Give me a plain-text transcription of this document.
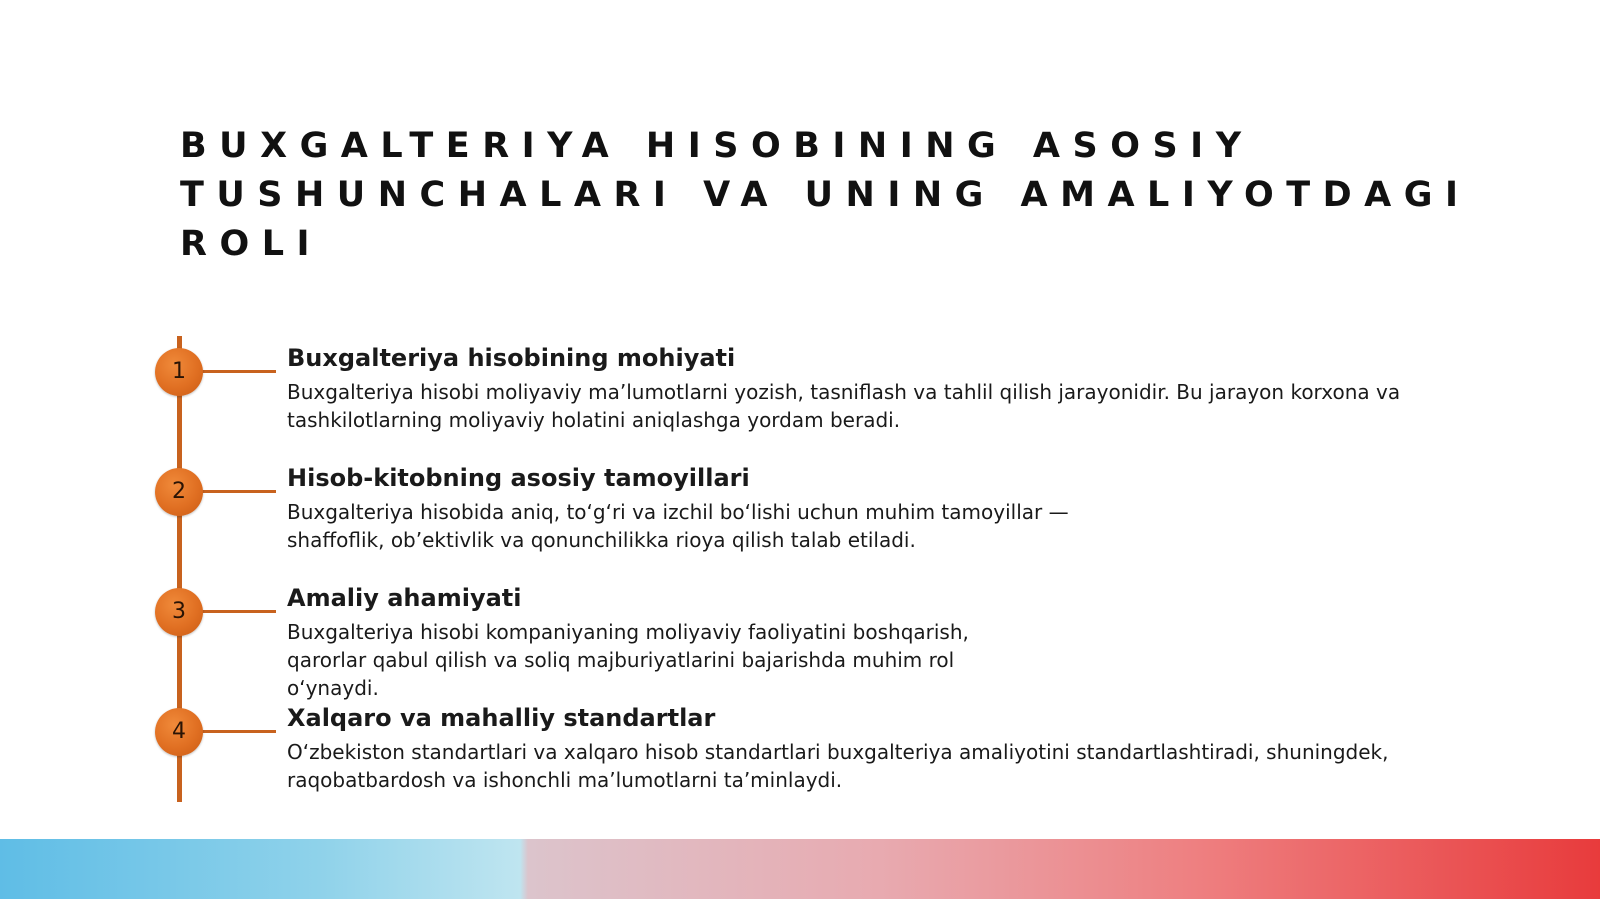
BUXGALTERIYA HISOBINING ASOSIY TUSHUNCHALARI VA UNING AMALIYOTDAGI ROLI
1	Buxgalteriya hisobining mohiyati

Buxgalteriya hisobi moliyaviy ma’lumotlarni yozish, tasniflash va tahlil qilish jarayonidir. Bu jarayon korxona va tashkilotlarning moliyaviy holatini aniqlashga yordam beradi.

2	Hisob-kitobning asosiy tamoyillari

Buxgalteriya hisobida aniq, to‘g‘ri va izchil bo‘lishi uchun muhim tamoyillar — shaffoflik, ob’ektivlik va qonunchilikka rioya qilish talab etiladi.

3	Amaliy ahamiyati

Buxgalteriya hisobi kompaniyaning moliyaviy faoliyatini boshqarish, qarorlar qabul qilish va soliq majburiyatlarini bajarishda muhim rol o‘ynaydi.

4	Xalqaro va mahalliy standartlar

O‘zbekiston standartlari va xalqaro hisob standartlari buxgalteriya amaliyotini standartlashtiradi, shuningdek, raqobatbardosh va ishonchli ma’lumotlarni ta’minlaydi.
